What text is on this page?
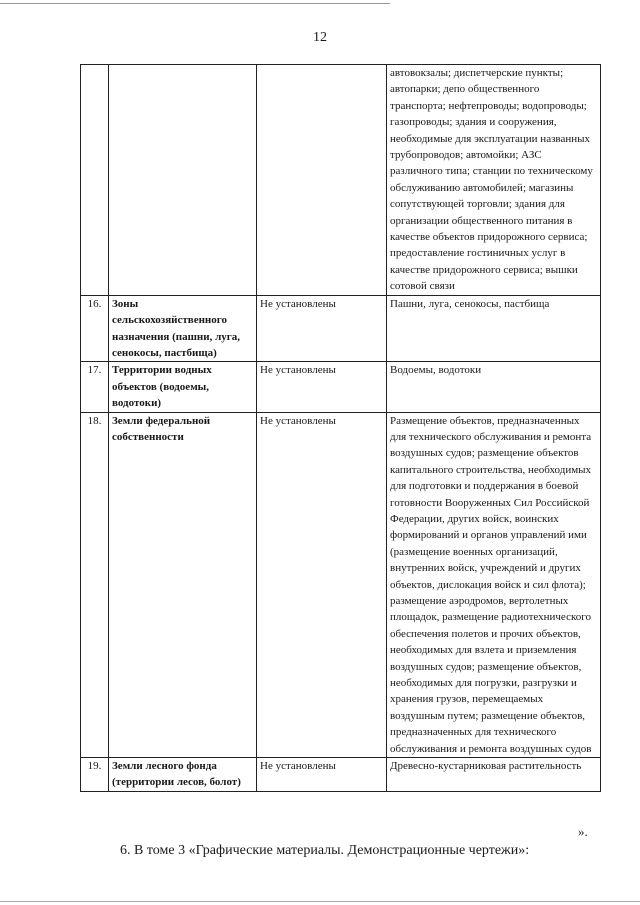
12
			автовокзалы; диспетчерские пункты; автопарки; депо общественного транспорта; нефтепроводы; водопроводы; газопроводы; здания и сооружения, необходимые для эксплуатации названных трубопроводов; автомойки; АЗС различного типа; станции по техническому обслуживанию автомобилей; магазины сопутствующей торговли; здания для организации общественного питания в качестве объектов придорожного сервиса; предоставление гостиничных услуг в качестве придорожного сервиса; вышки сотовой связи
16.	Зоны сельскохозяйственного назначения (пашни, луга, сенокосы, пастбища)	Не установлены	Пашни, луга, сенокосы, пастбища
17.	Территории водных объектов (водоемы, водотоки)	Не установлены	Водоемы, водотоки
18.	Земли федеральной собственности	Не установлены	Размещение объектов, предназначенных для технического обслуживания и ремонта воздушных судов; размещение объектов капитального строительства, необходимых для подготовки и поддержания в боевой готовности Вооруженных Сил Российской Федерации, других войск, воинских формирований и органов управлений ими (размещение военных организаций, внутренних войск, учреждений и других объектов, дислокация войск и сил флота); размещение аэродромов, вертолетных площадок, размещение радиотехнического обеспечения полетов и прочих объектов, необходимых для взлета и приземления воздушных судов; размещение объектов, необходимых для погрузки, разгрузки и хранения грузов, перемещаемых воздушным путем; размещение объектов, предназначенных для технического обслуживания и ремонта воздушных судов
19.	Земли лесного фонда (территории лесов, болот)	Не установлены	Древесно-кустарниковая растительность
».
6. В томе 3 «Графические материалы. Демонстрационные чертежи»:
